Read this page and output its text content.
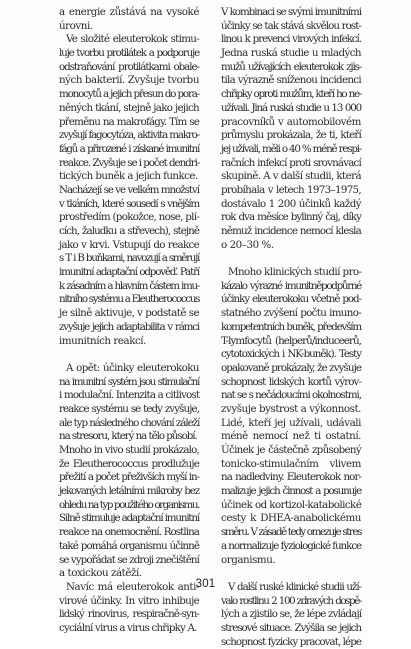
a energie zůstává na vysoké
úrovni.
Ve složité eleuterokok stimu-
luje tvorbu protilátek a podporuje
odstraňování protilátkami obale-
ných bakterií. Zvyšuje tvorbu
monocytů a jejich přesun do pora-
něných tkání, stejně jako jejich
přeměnu na makrofágy. Tím se
zvyšují fagocytóza, aktivita makro-
fágů a přirozené i získané imunitní
reakce. Zvyšuje se i počet dendri-
tických buněk a jejich funkce.
Nacházejí se ve velkém množství
v tkáních, které sousedí s vnějším
prostředím (pokožce, nose, plí-
cích, žaludku a střevech), stejně
jako v krvi. Vstupují do reakce
s T i B buňkami, navozují a směrují
imunitní adaptační odpověď. Patří
k zásadním a hlavním částem imu-
nitního systému a Eleutherococcus
je silně aktivuje, v podstatě se
zvyšuje jejich adaptabilita v rámci
imunitních reakcí.
A opět: účinky eleuterokoku
na imunitní systém jsou stimulační
i modulační. Intenzita a citlivost
reakce systému se tedy zvyšuje,
ale typ následného chování záleží
na stresoru, který na tělo působí.
Mnoho in vivo studií prokázalo,
že Eleutherococcus prodlužuje
přežití a počet přeživších myší in-
jekovaných letálními mikroby bez
ohledu na typ použitého organismu.
Silně stimuluje adaptační imunitní
reakce na onemocnění. Rostlina
také pomáhá organismu účinně
se vypořádat se zdroji znečištění
a toxickou zátěží.
Navíc má eleuterokok anti-
virové účinky. In vitro inhibuje
lidský rinovirus, respiračně-syn-
cyciální virus a virus chřipky A.
V kombinaci se svými imunitními
účinky se tak stává skvělou rost-
linou k prevenci virových infekcí.
Jedna ruská studie u mladých
mužů užívajících eleuterokok zjis-
tila výrazně sníženou incidenci
chřipky oproti mužům, kteří ho ne-
užívali. Jiná ruská studie u 13 000
pracovníků v automobilovém
průmyslu prokázala, že ti, kteří
jej užívali, měli o 40 % méně respi-
račních infekcí proti srovnávací
skupině. A v další studii, která
probíhala v letech 1973–1975,
dostávalo 1 200 účinků každý
rok dva měsíce bylinný čaj, díky
němuž incidence nemocí klesla
o 20–30 %.
Mnoho klinických studií pro-
kázalo výrazné imunitněpodpůrné
účinky eleuterokoku včetně pod-
statného zvýšení počtu imuno-
kompetentních buněk, především
T-lymfocytů (helperů/induceerů,
cytotoxických i NK-buněk). Testy
opakovaně prokázaly, že zvyšuje
schopnost lidských kortů výrov-
nat se s nečádoucími okolnostmi,
zvyšuje bystrost a výkonnost.
Lidé, kteří jej užívali, udávali
méně nemocí než ti ostatní.
Účinek je částečně způsobený
tonicko-stimulačním vlivem
na nadledviny. Eleuterokok nor-
malizuje jejich činnost a posunuje
účinek od kortizol-katabolické
cesty k DHEA-anabolickému
směru. V zásadě tedy omezuje stres
a normalizuje fyziologické funkce
organismu.
V další ruské klinické studii uží-
valo rostlinu 2 100 zdravých dospě-
lých a zjistilo se, že lépe zvládají
stresové situace. Zvýšila se jejich
schopnost fyzicky pracovat, lépe
301
